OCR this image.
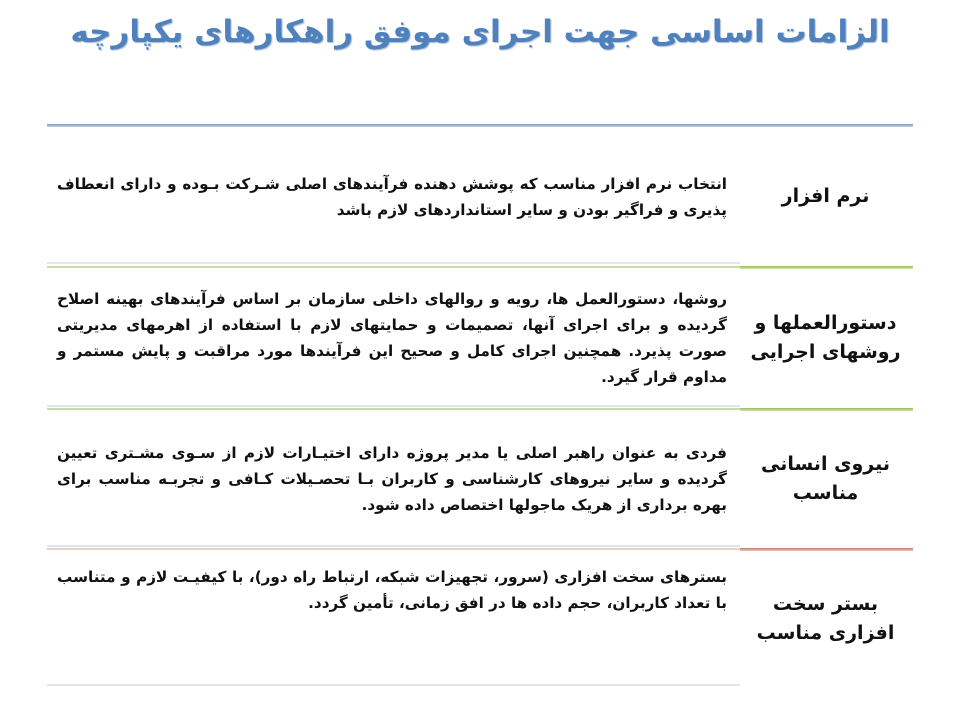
الزامات اساسی جهت اجرای موفق راهکارهای یکپارچه
نرم افزار
انتخاب نرم افزار مناسب که پوشش دهنده فرآیندهای اصلی شـرکت بـوده و دارای انعطاف پذیری و فراگیر بودن و سایر استانداردهای لازم باشد
دستورالعملها و روشهای اجرایی
روشها، دستورالعمل ها، رویه و روالهای داخلی سازمان بر اساس فرآیندهای بهینه اصلاح گردیده و برای اجرای آنها، تصمیمات و حمایتهای لازم با استفاده از اهرمهای مدیریتی صورت پذیرد. همچنین اجرای کامل و صحیح این فرآیندها مورد مراقبت و پایش مستمر و مداوم قرار گیرد.
نیروی انسانی مناسب
فردی به عنوان راهبر اصلی یا مدیر پروژه دارای اختیـارات لازم از سـوی مشـتری تعیین گردیده و سایر نیروهای کارشناسی و کاربران بـا تحصـیلات کـافی و تجربـه مناسب برای بهره برداری از هریک ماجولها اختصاص داده شود.
بستر سخت افزاری مناسب
بسترهای سخت افزاری (سرور، تجهیزات شبکه، ارتباط راه دور)، با کیفیـت لازم و متناسب با تعداد کاربران، حجم داده ها در افق زمانی، تأمین گردد.
